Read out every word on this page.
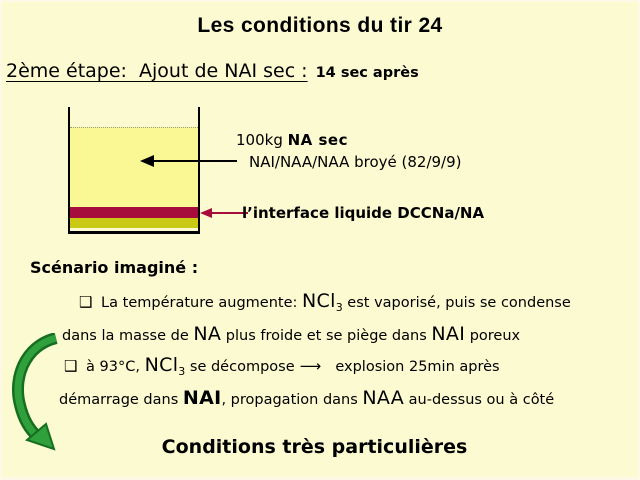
Les conditions du tir 24
2ème étape:  Ajout de NAI sec : 14 sec après
100kg NA sec
NAI/NAA/NAA broyé (82/9/9)
l’interface liquide DCCNa/NA
Scénario imaginé :
❑ La température augmente: NCl$_3$ est vaporisé, puis se condense
dans la masse de NA plus froide et se piège dans NAI poreux
❑ à 93°C, NCl$_3$ se décompose ⟶  explosion 25min après
démarrage dans NAI, propagation dans NAA au-dessus ou à côté
Conditions très particulières
